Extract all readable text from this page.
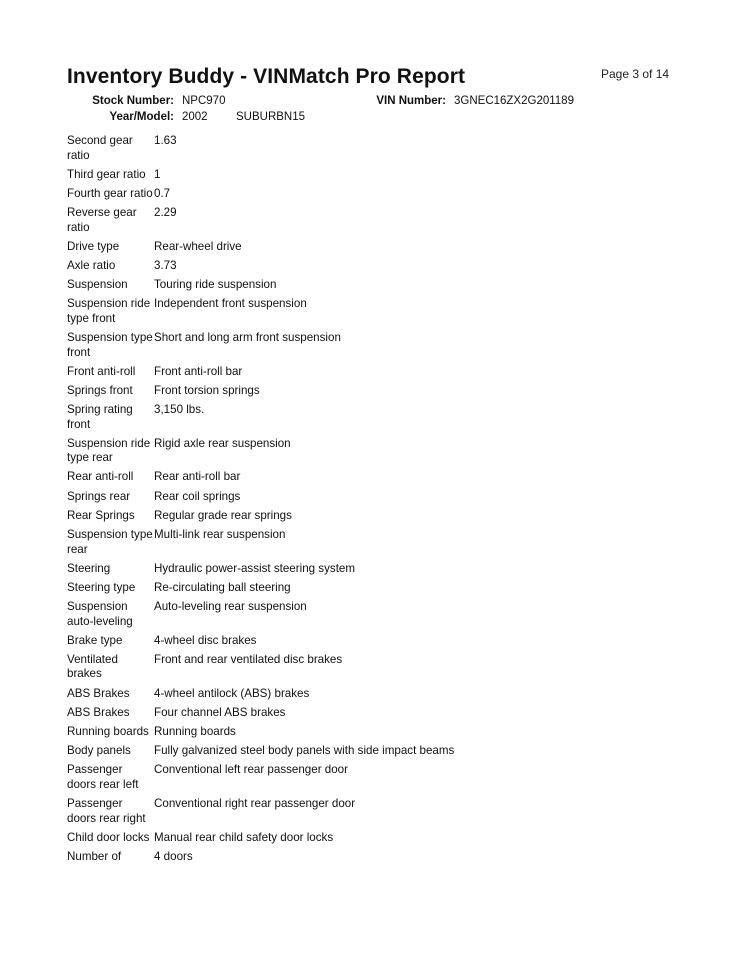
Page 3 of 14
Inventory Buddy - VINMatch Pro Report
Stock Number: NPC970	VIN Number: 3GNEC16ZX2G201189
Year/Model: 2002 SUBURBN15
Second gear ratio	1.63
Third gear ratio	1
Fourth gear ratio	0.7
Reverse gear ratio	2.29
Drive type	Rear-wheel drive
Axle ratio	3.73
Suspension	Touring ride suspension
Suspension ride type front	Independent front suspension
Suspension type front	Short and long arm front suspension
Front anti-roll	Front anti-roll bar
Springs front	Front torsion springs
Spring rating front	3,150 lbs.
Suspension ride type rear	Rigid axle rear suspension
Rear anti-roll	Rear anti-roll bar
Springs rear	Rear coil springs
Rear Springs	Regular grade rear springs
Suspension type rear	Multi-link rear suspension
Steering	Hydraulic power-assist steering system
Steering type	Re-circulating ball steering
Suspension auto-leveling	Auto-leveling rear suspension
Brake type	4-wheel disc brakes
Ventilated brakes	Front and rear ventilated disc brakes
ABS Brakes	4-wheel antilock (ABS) brakes
ABS Brakes	Four channel ABS brakes
Running boards	Running boards
Body panels	Fully galvanized steel body panels with side impact beams
Passenger doors rear left	Conventional left rear passenger door
Passenger doors rear right	Conventional right rear passenger door
Child door locks	Manual rear child safety door locks
Number of	4 doors
